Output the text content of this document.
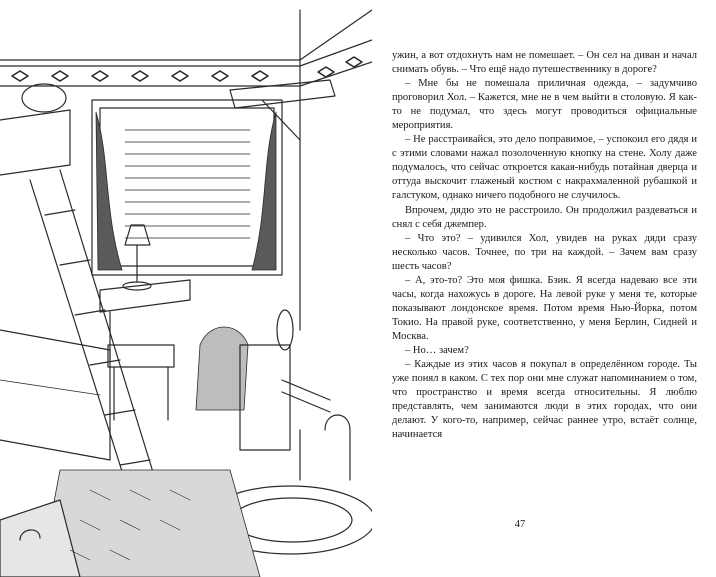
ужин, а вот отдохнуть нам не помешает. – Он сел на диван и начал снимать обувь. – Что ещё надо путешественнику в дороге?

– Мне бы не помешала приличная одежда, – задумчиво проговорил Хол. – Кажется, мне не в чем выйти в столовую. Я как-то не подумал, что здесь могут проводиться официальные мероприятия.

– Не расстраивайся, это дело поправимое, – успокоил его дядя и с этими словами нажал позолоченную кнопку на стене. Холу даже подумалось, что сейчас откроется какая-нибудь потайная дверца и оттуда выскочит глаженый костюм с накрахмаленной рубашкой и галстуком, однако ничего подобного не случилось.

Впрочем, дядю это не расстроило. Он продолжил раздеваться и снял с себя джемпер.

– Что это? – удивился Хол, увидев на руках дяди сразу несколько часов. Точнее, по три на каждой. – Зачем вам сразу шесть часов?

– А, это-то? Это моя фишка. Бзик. Я всегда надеваю все эти часы, когда нахожусь в дороге. На левой руке у меня те, которые показывают лондонское время. Потом время Нью-Йорка, потом Токио. На правой руке, соответственно, у меня Берлин, Сидней и Москва.

– Но… зачем?

– Каждые из этих часов я покупал в определённом городе. Ты уже понял в каком. С тех пор они мне служат напоминанием о том, что пространство и время всегда относительны. Я люблю представлять, чем занимаются люди в этих городах, что они делают. У кого-то, например, сейчас раннее утро, встаёт солнце, начинается

47
